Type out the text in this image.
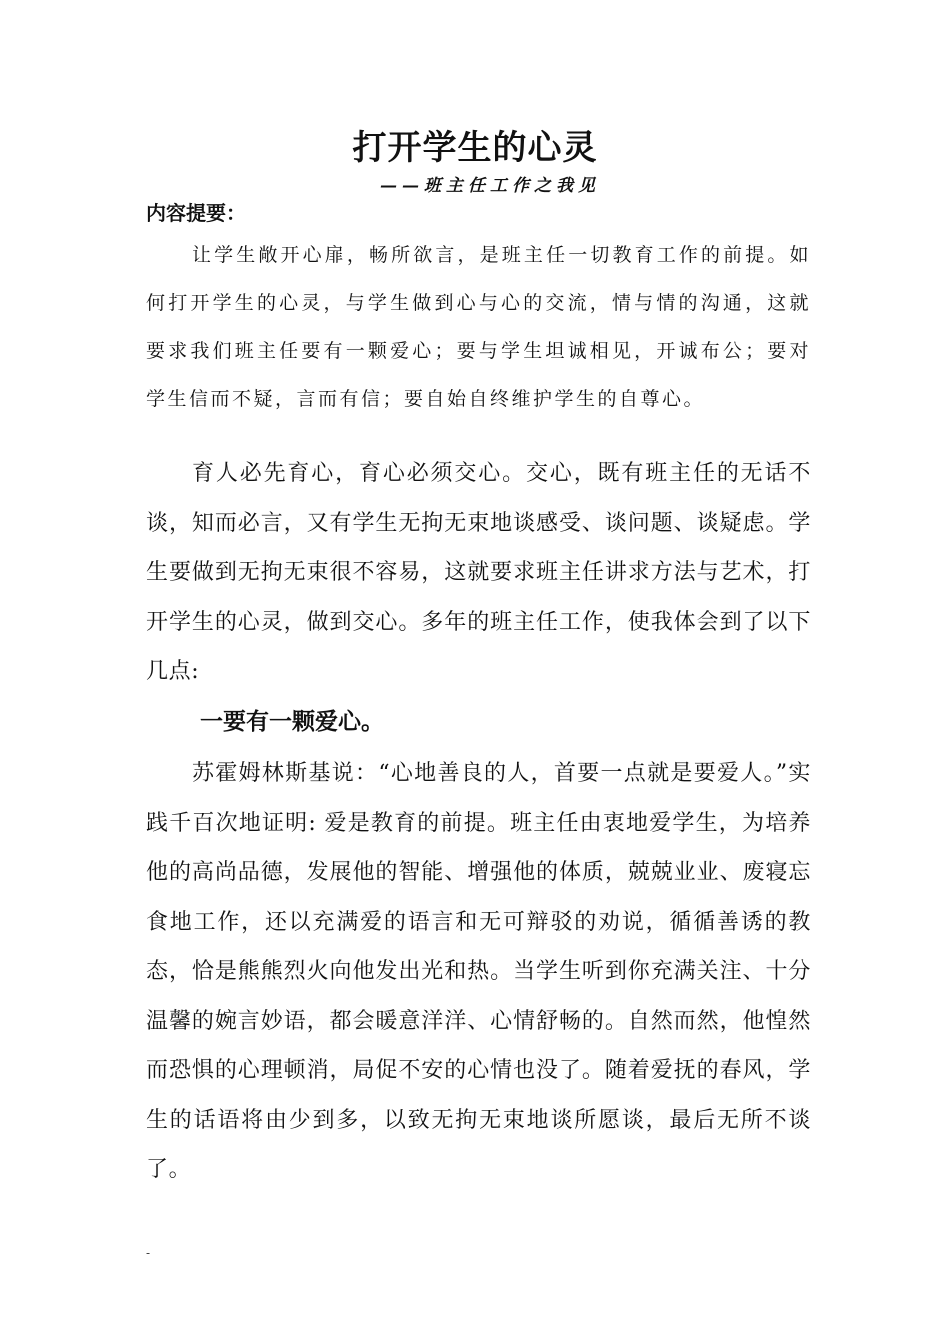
打开学生的心灵
——班主任工作之我见
内容提要：

让学生敞开心扉，畅所欲言，是班主任一切教育工作的前提。如何打开学生的心灵，与学生做到心与心的交流，情与情的沟通，这就要求我们班主任要有一颗爱心；要与学生坦诚相见，开诚布公；要对学生信而不疑，言而有信；要自始自终维护学生的自尊心。

育人必先育心，育心必须交心。交心，既有班主任的无话不谈，知而必言，又有学生无拘无束地谈感受、谈问题、谈疑虑。学生要做到无拘无束很不容易，这就要求班主任讲求方法与艺术，打开学生的心灵，做到交心。多年的班主任工作，使我体会到了以下几点:

一要有一颗爱心。

苏霍姆林斯基说：“心地善良的人，首要一点就是要爱人。”实践千百次地证明: 爱是教育的前提。班主任由衷地爱学生，为培养他的高尚品德，发展他的智能、增强他的体质，兢兢业业、废寝忘食地工作，还以充满爱的语言和无可辩驳的劝说，循循善诱的教态，恰是熊熊烈火向他发出光和热。当学生听到你充满关注、十分温馨的婉言妙语，都会暖意洋洋、心情舒畅的。自然而然，他惶然而恐惧的心理顿消，局促不安的心情也没了。随着爱抚的春风，学生的话语将由少到多，以致无拘无束地谈所愿谈，最后无所不谈了。

-
